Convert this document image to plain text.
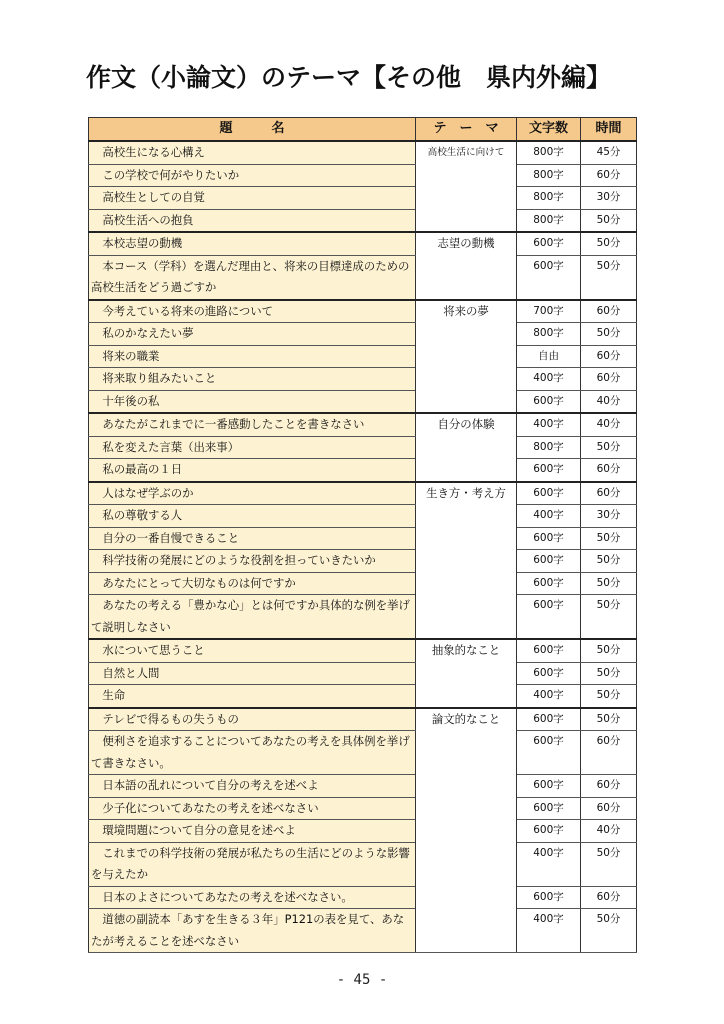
作文（小論文）のテーマ【その他　県内外編】
題　　　名	テ　ー　マ	文字数	時間
高校生になる心構え	高校生活に向けて	800字	45分
この学校で何がやりたいか		800字	60分
高校生としての自覚		800字	30分
高校生活への抱負		800字	50分
本校志望の動機	志望の動機	600字	50分
本コース（学科）を選んだ理由と、将来の目標達成のための高校生活をどう過ごすか		600字	50分
今考えている将来の進路について	将来の夢	700字	60分
私のかなえたい夢		800字	50分
将来の職業		自由	60分
将来取り組みたいこと		400字	60分
十年後の私		600字	40分
あなたがこれまでに一番感動したことを書きなさい	自分の体験	400字	40分
私を変えた言葉（出来事）		800字	50分
私の最高の１日		600字	60分
人はなぜ学ぶのか	生き方・考え方	600字	60分
私の尊敬する人		400字	30分
自分の一番自慢できること		600字	50分
科学技術の発展にどのような役割を担っていきたいか		600字	50分
あなたにとって大切なものは何ですか		600字	50分
あなたの考える「豊かな心」とは何ですか具体的な例を挙げて説明しなさい		600字	50分
水について思うこと	抽象的なこと	600字	50分
自然と人間		600字	50分
生命		400字	50分
テレビで得るもの失うもの	論文的なこと	600字	50分
便利さを追求することについてあなたの考えを具体例を挙げて書きなさい。		600字	60分
日本語の乱れについて自分の考えを述べよ		600字	60分
少子化についてあなたの考えを述べなさい		600字	60分
環境問題について自分の意見を述べよ		600字	40分
これまでの科学技術の発展が私たちの生活にどのような影響を与えたか		400字	50分
日本のよさについてあなたの考えを述べなさい。		600字	60分
道徳の副読本「あすを生きる３年」P121の表を見て、あなたが考えることを述べなさい		400字	50分
- 45 -
